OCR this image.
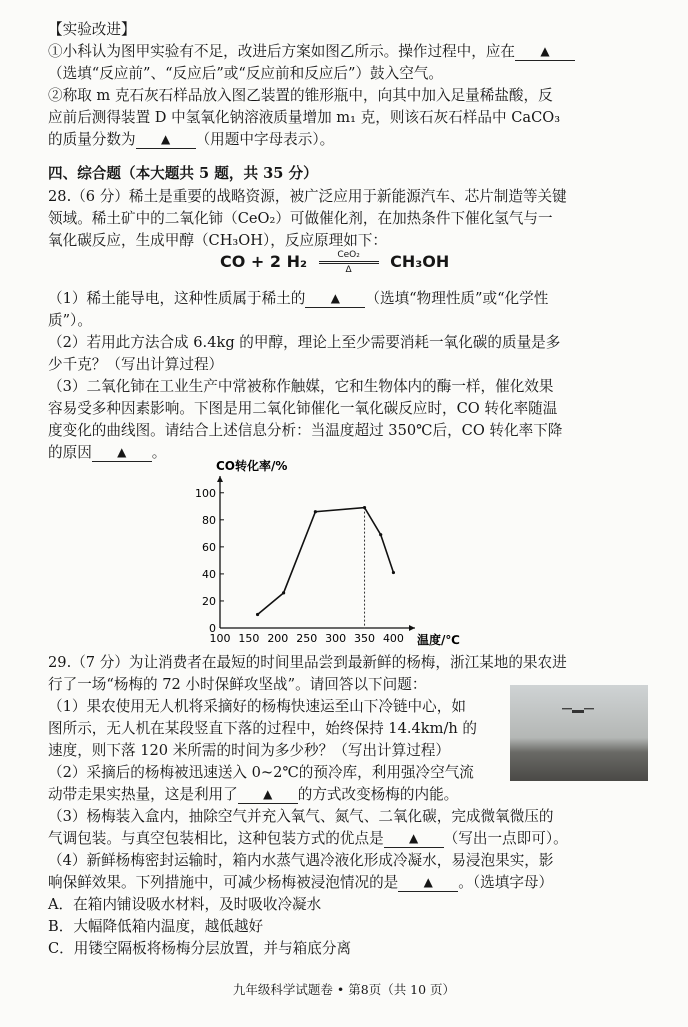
【实验改进】
①小科认为图甲实验有不足，改进后方案如图乙所示。操作过程中，应在 ▲
（选填“反应前”、“反应后”或“反应前和反应后”）鼓入空气。
②称取 m 克石灰石样品放入图乙装置的锥形瓶中，向其中加入足量稀盐酸，反
应前后测得装置 D 中氢氧化钠溶液质量增加 m₁ 克，则该石灰石样品中 CaCO₃
的质量分数为 ▲ （用题中字母表示）。
四、综合题（本大题共 5 题，共 35 分）
28.（6 分）稀土是重要的战略资源，被广泛应用于新能源汽车、芯片制造等关键
领域。稀土矿中的二氧化铈（CeO₂）可做催化剂，在加热条件下催化氢气与一
氧化碳反应，生成甲醇（CH₃OH），反应原理如下：
CO + 2 H₂	CeO₂
Δ	CH₃OH
（1）稀土能导电，这种性质属于稀土的 ▲ （选填“物理性质”或“化学性
质”）。
（2）若用此方法合成 6.4kg 的甲醇，理论上至少需要消耗一氧化碳的质量是多
少千克？（写出计算过程）
（3）二氧化铈在工业生产中常被称作触媒，它和生物体内的酶一样，催化效果
容易受多种因素影响。下图是用二氧化铈催化一氧化碳反应时，CO 转化率随温
度变化的曲线图。请结合上述信息分析：当温度超过 350℃后，CO 转化率下降
的原因 ▲ 。
100 150 200 250 300 350 400
0
20
40
60
80
100
CO转化率/%
温度/℃
29.（7 分）为让消费者在最短的时间里品尝到最新鲜的杨梅，浙江某地的果农进
行了一场“杨梅的 72 小时保鲜攻坚战”。请回答以下问题：
（1）果农使用无人机将采摘好的杨梅快速运至山下冷链中心，如
图所示，无人机在某段竖直下落的过程中，始终保持 14.4km/h 的
速度，则下落 120 米所需的时间为多少秒？（写出计算过程）
（2）采摘后的杨梅被迅速送入 0~2℃的预冷库，利用强冷空气流
动带走果实热量，这是利用了 ▲ 的方式改变杨梅的内能。
（3）杨梅装入盒内，抽除空气并充入氧气、氮气、二氧化碳，完成微氧微压的
气调包装。与真空包装相比，这种包装方式的优点是 ▲ （写出一点即可）。
（4）新鲜杨梅密封运输时，箱内水蒸气遇冷液化形成冷凝水，易浸泡果实，影
响保鲜效果。下列措施中，可减少杨梅被浸泡情况的是 ▲ 。（选填字母）
A．在箱内铺设吸水材料，及时吸收冷凝水
B．大幅降低箱内温度，越低越好
C．用镂空隔板将杨梅分层放置，并与箱底分离
九年级科学试题卷 • 第8页（共 10 页）
